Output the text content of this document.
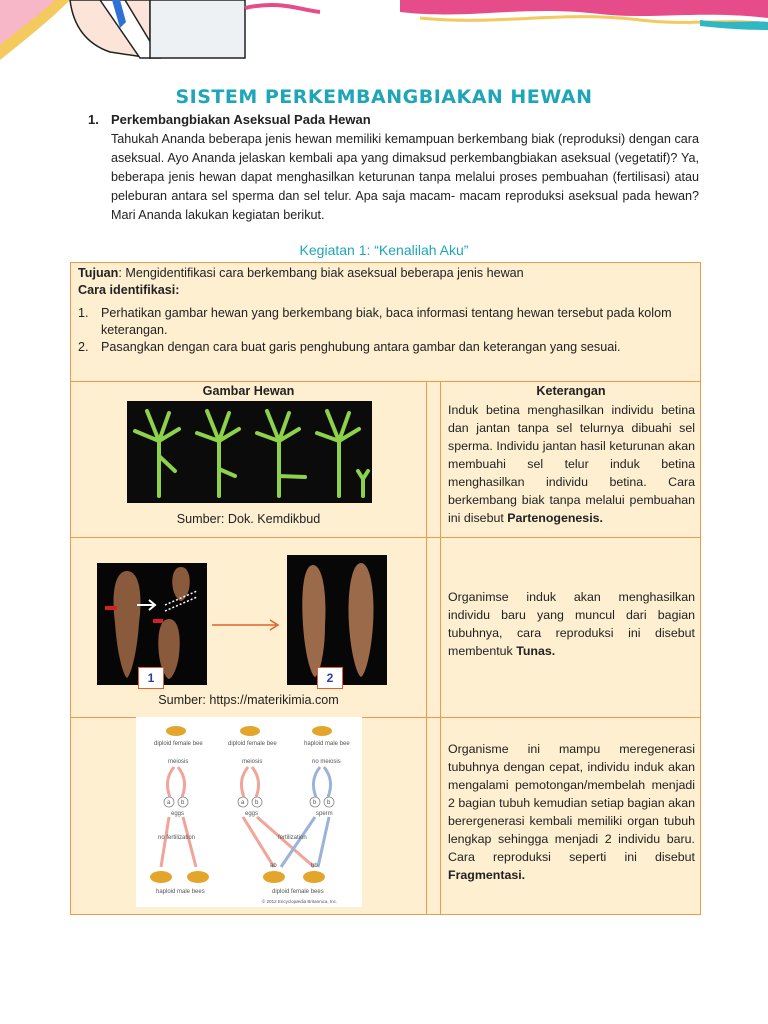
SISTEM PERKEMBANGBIAKAN HEWAN
1. Perkembangbiakan Aseksual Pada Hewan
Tahukah Ananda beberapa jenis hewan memiliki kemampuan berkembang biak (reproduksi) dengan cara aseksual. Ayo Ananda jelaskan kembali apa yang dimaksud perkembangbiakan aseksual (vegetatif)? Ya, beberapa jenis hewan dapat menghasilkan keturunan tanpa melalui proses pembuahan (fertilisasi) atau peleburan antara sel sperma dan sel telur. Apa saja macam- macam reproduksi aseksual pada hewan? Mari Ananda lakukan kegiatan berikut.
Kegiatan 1: “Kenalilah Aku”
Tujuan: Mengidentifikasi cara berkembang biak aseksual beberapa jenis hewan
Cara identifikasi:
1. Perhatikan gambar hewan yang berkembang biak, baca informasi tentang hewan tersebut pada kolom keterangan.
2. Pasangkan dengan cara buat garis penghubung antara gambar dan keterangan yang sesuai.
Gambar Hewan	Keterangan
Sumber: Dok. Kemdikbud
Induk betina menghasilkan individu betina dan jantan tanpa sel telurnya dibuahi sel sperma. Individu jantan hasil keturunan akan membuahi sel telur induk betina menghasilkan individu betina. Cara berkembang biak tanpa melalui pembuahan ini disebut Partenogenesis.
1	2
Sumber: https://materikimia.com
Organimse induk akan menghasilkan individu baru yang muncul dari bagian tubuhnya, cara reproduksi ini disebut membentuk Tunas.
diploid female bee	diploid female bee	haploid male bee
meiosis	meiosis	no meiosis
a b	a b	b b
eggs	eggs	sperm
no fertilization	fertilization
ab	bb
haploid male bees	diploid female bees
© 2012 Encyclopædia Britannica, Inc.
Organisme ini mampu meregenerasi tubuhnya dengan cepat, individu induk akan mengalami pemotongan/membelah menjadi 2 bagian tubuh kemudian setiap bagian akan berergenerasi kembali memiliki organ tubuh lengkap sehingga menjadi 2 individu baru. Cara reproduksi seperti ini disebut Fragmentasi.
